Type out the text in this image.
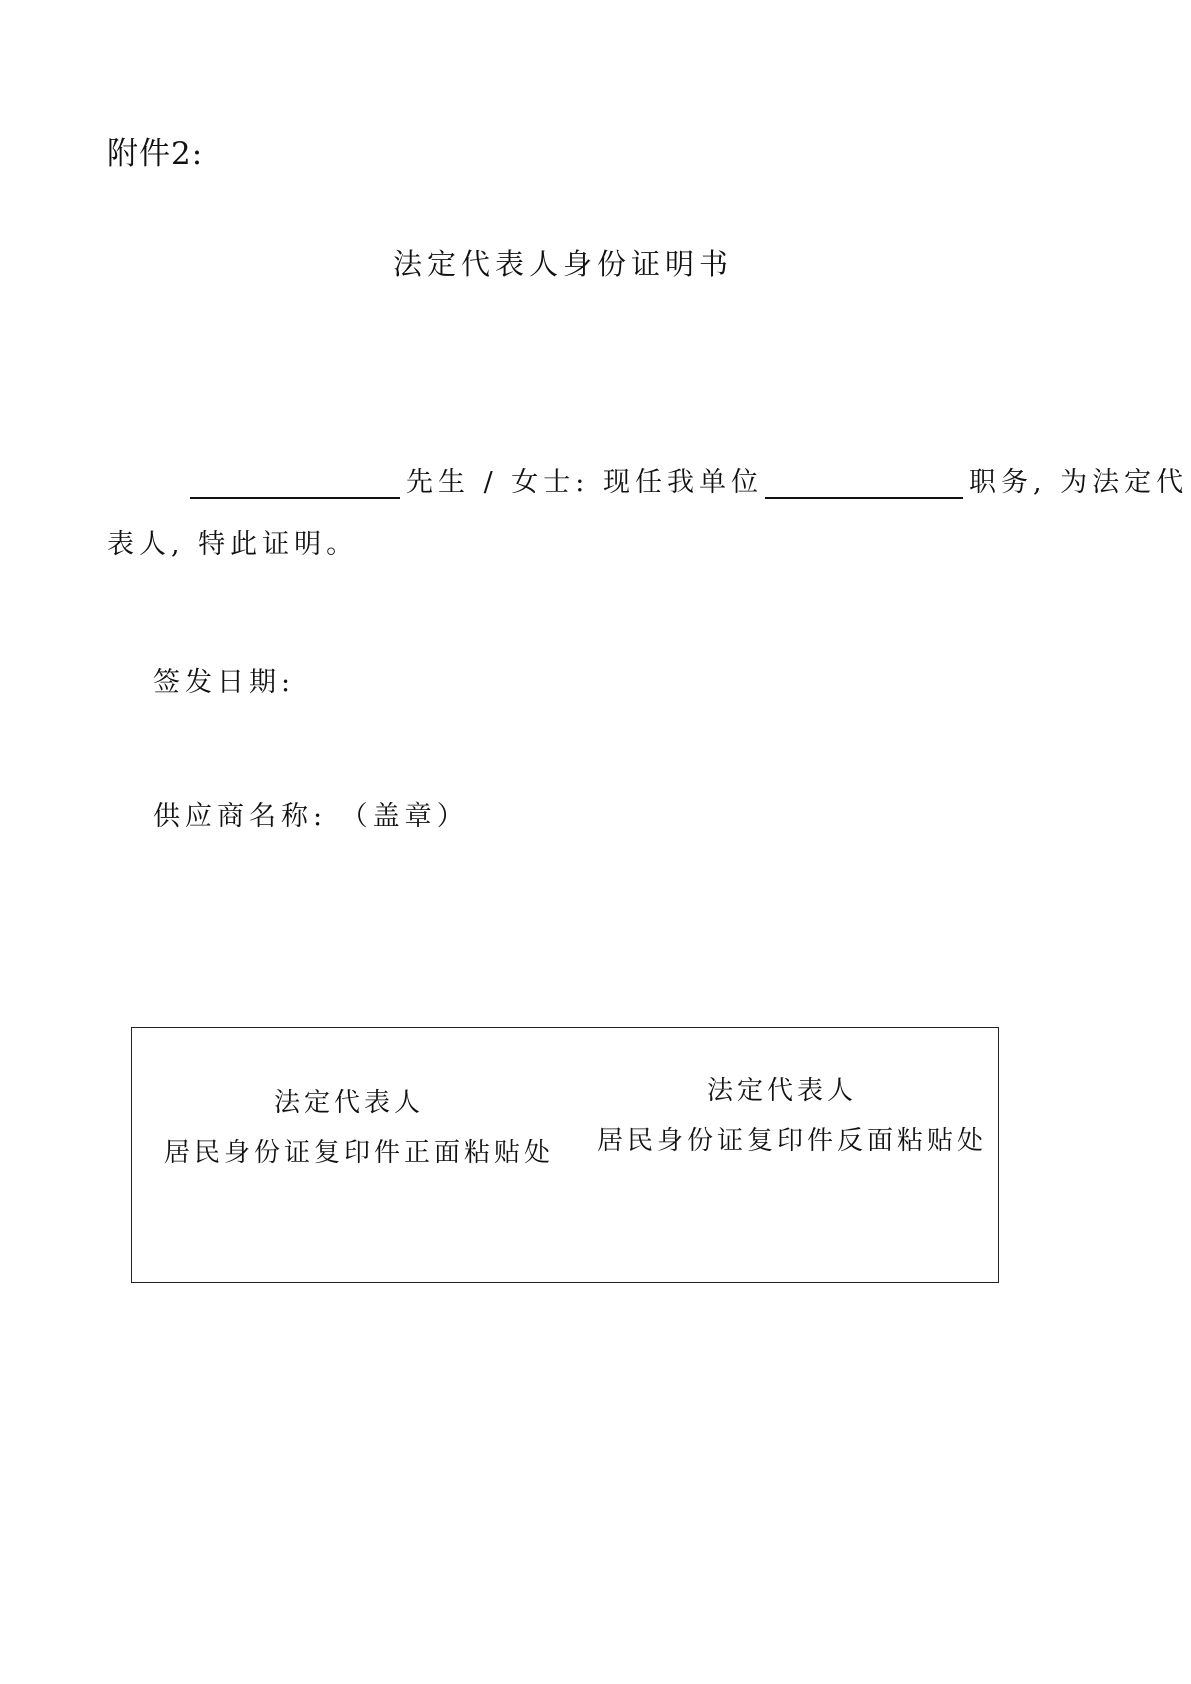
附件2:
法定代表人身份证明书
先生 / 女士: 现任我单位	职务, 为法定代
表人, 特此证明。
签发日期:
供应商名称: （盖章）
法定代表人
居民身份证复印件正面粘贴处
法定代表人
居民身份证复印件反面粘贴处
